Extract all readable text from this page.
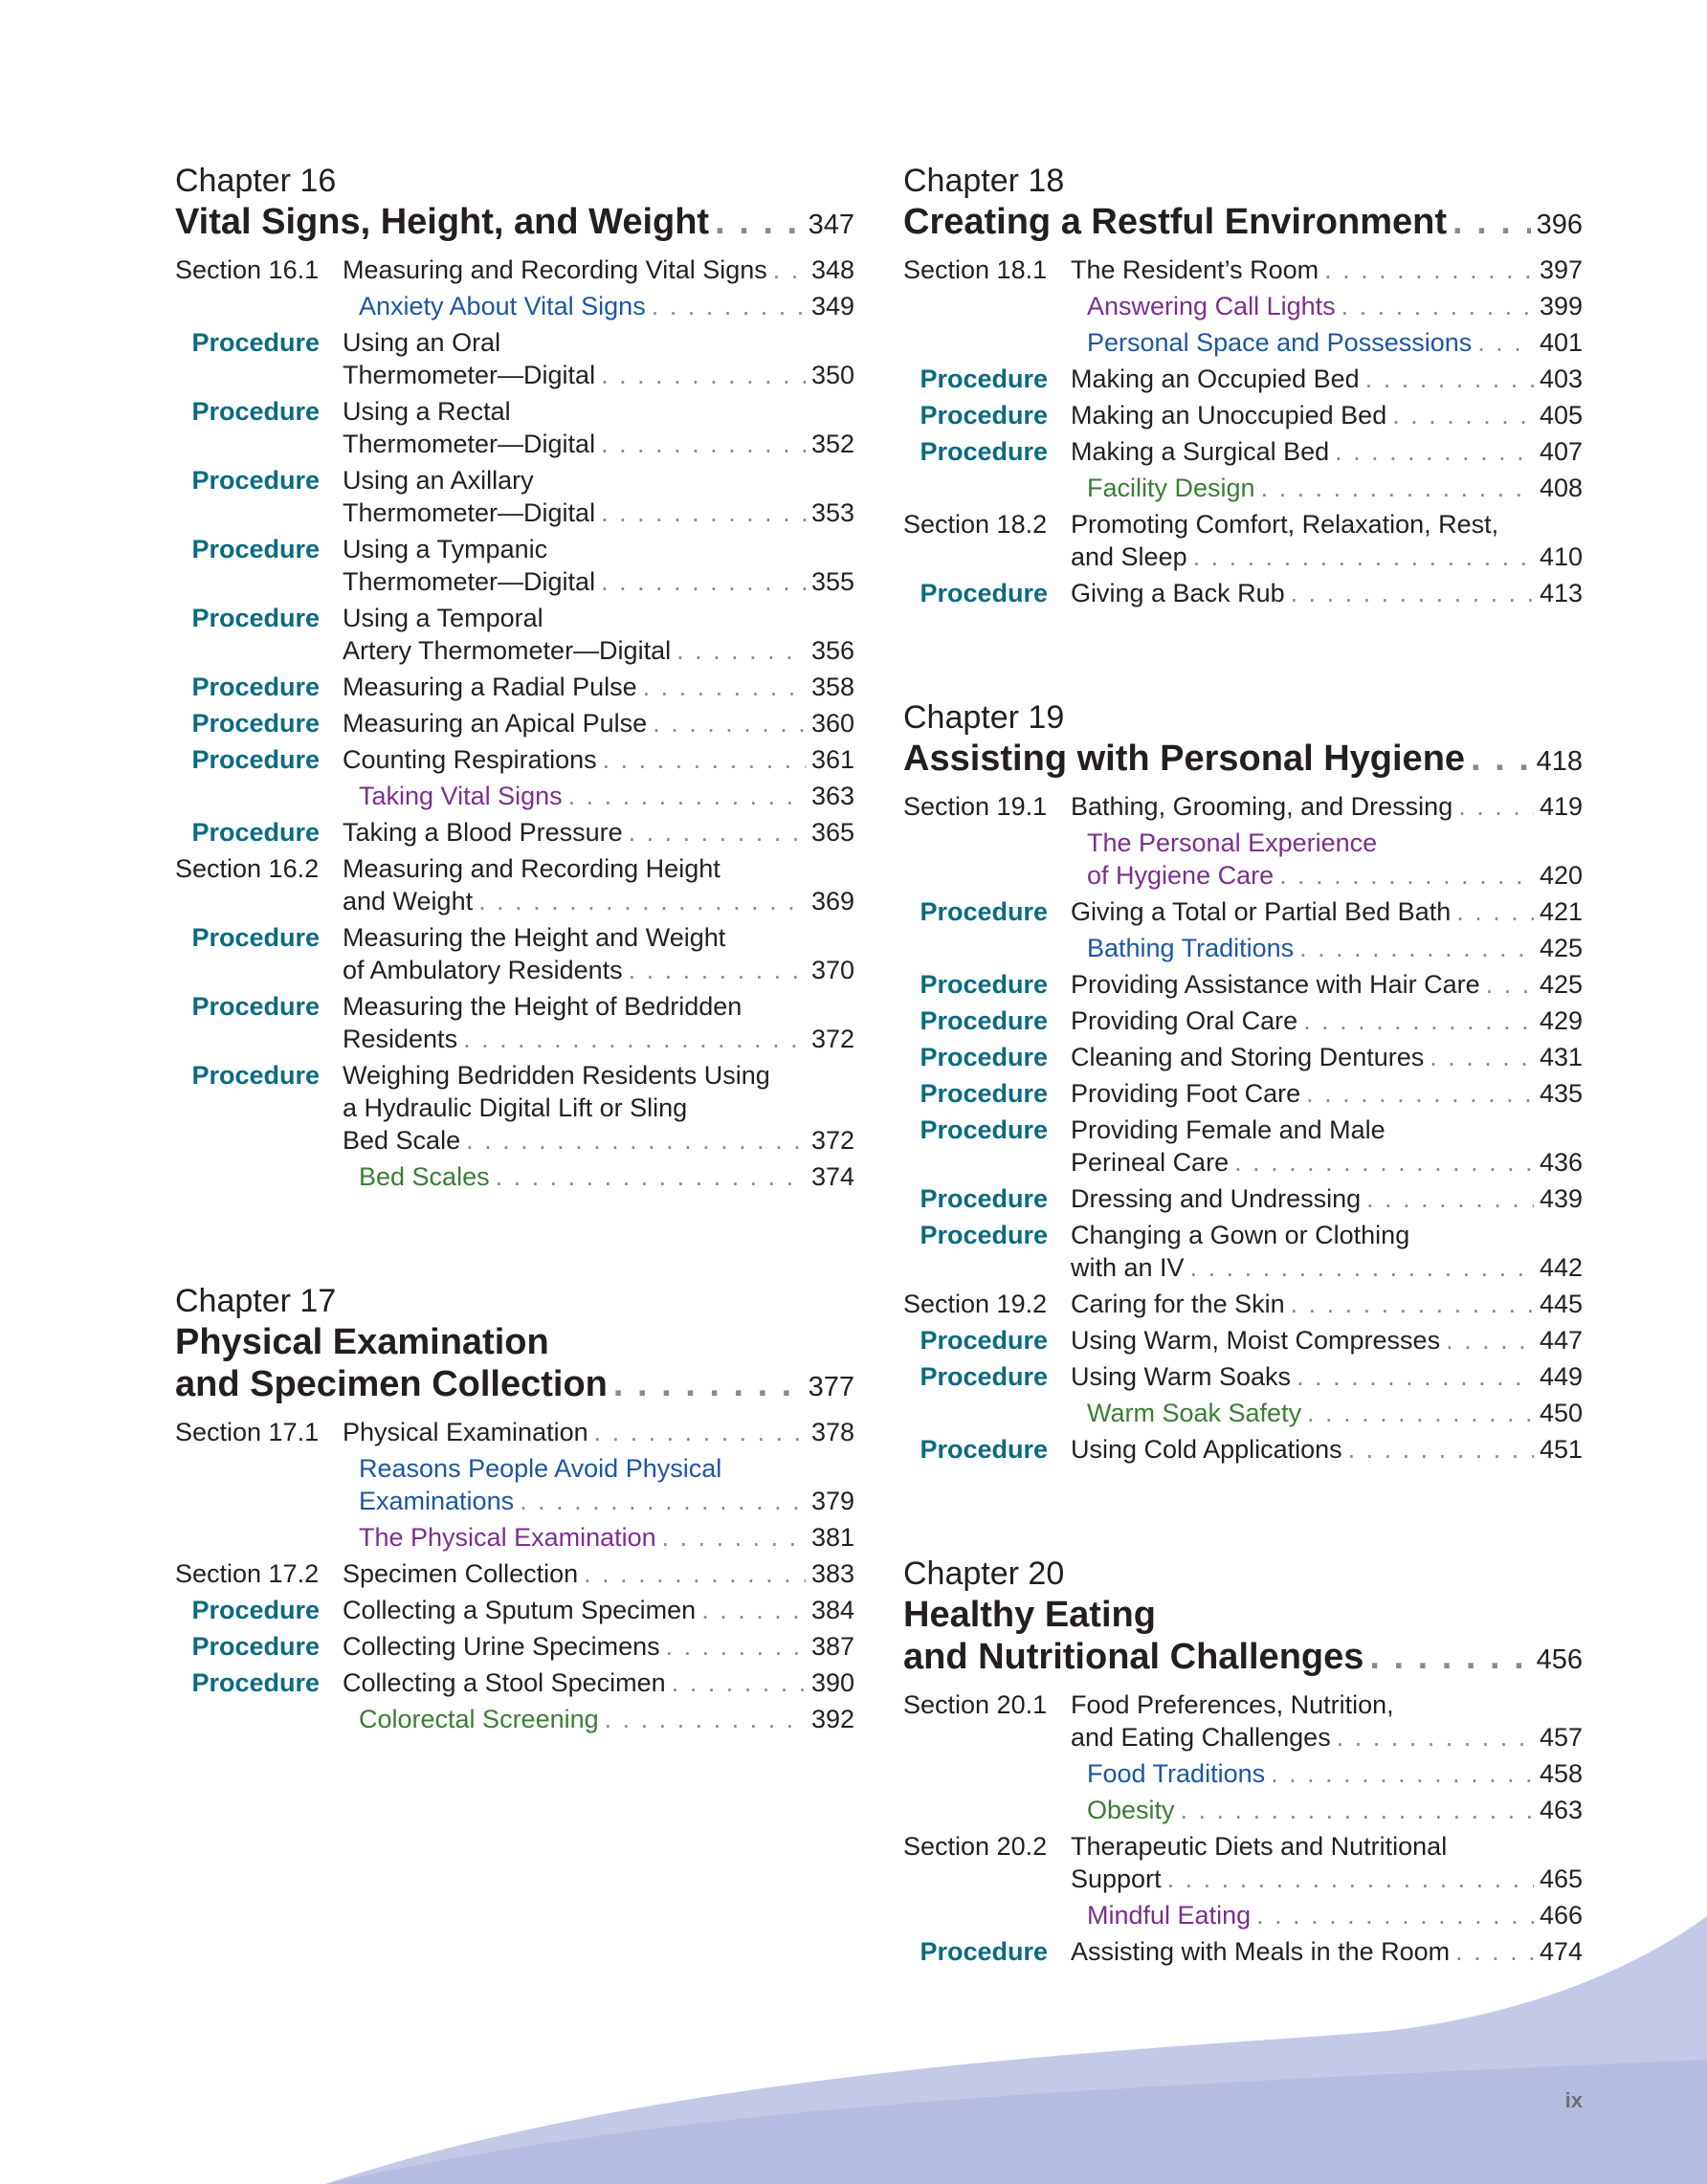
Chapter 16
Vital Signs, Height, and Weight . . .	347
Section 16.1 Measuring and Recording Vital Signs . . . 348
Anxiety About Vital Signs . . .	349
Procedure Using an Oral
Thermometer—Digital . . .	350
Procedure Using a Rectal
Thermometer—Digital . . .	352
Procedure Using an Axillary
Thermometer—Digital . . .	353
Procedure Using a Tympanic
Thermometer—Digital . . .	355
Procedure Using a Temporal
Artery Thermometer—Digital . . .	356
Procedure Measuring a Radial Pulse . . .	358
Procedure Measuring an Apical Pulse . . .	360
Procedure Counting Respirations . . .	361
Taking Vital Signs . . .	363
Procedure Taking a Blood Pressure . . .	365
Section 16.2 Measuring and Recording Height
and Weight . . .	369
Procedure Measuring the Height and Weight
of Ambulatory Residents . . .	370
Procedure Measuring the Height of Bedridden
Residents . . .	372
Procedure Weighing Bedridden Residents Using
a Hydraulic Digital Lift or Sling
Bed Scale . . .	372
Bed Scales . . .	374
Chapter 17
Physical Examination
and Specimen Collection . . .	377
Section 17.1 Physical Examination . . .	378
Reasons People Avoid Physical
Examinations . . .	379
The Physical Examination . . .	381
Section 17.2 Specimen Collection . . .	383
Procedure Collecting a Sputum Specimen . . .	384
Procedure Collecting Urine Specimens . . .	387
Procedure Collecting a Stool Specimen . . .	390
Colorectal Screening . . .	392
Chapter 18
Creating a Restful Environment . . .	396
Section 18.1 The Resident’s Room . . .	397
Answering Call Lights . . .	399
Personal Space and Possessions . . .	401
Procedure Making an Occupied Bed . . .	403
Procedure Making an Unoccupied Bed . . .	405
Procedure Making a Surgical Bed . . .	407
Facility Design . . .	408
Section 18.2 Promoting Comfort, Relaxation, Rest,
and Sleep . . .	410
Procedure Giving a Back Rub . . .	413
Chapter 19
Assisting with Personal Hygiene . . .	418
Section 19.1 Bathing, Grooming, and Dressing . . .	419
The Personal Experience
of Hygiene Care . . .	420
Procedure Giving a Total or Partial Bed Bath . . .	421
Bathing Traditions . . .	425
Procedure Providing Assistance with Hair Care . . . 425
Procedure Providing Oral Care . . .	429
Procedure Cleaning and Storing Dentures . . .	431
Procedure Providing Foot Care . . .	435
Procedure Providing Female and Male
Perineal Care . . .	436
Procedure Dressing and Undressing . . .	439
Procedure Changing a Gown or Clothing
with an IV . . .	442
Section 19.2 Caring for the Skin . . .	445
Procedure Using Warm, Moist Compresses . . .	447
Procedure Using Warm Soaks . . .	449
Warm Soak Safety . . .	450
Procedure Using Cold Applications . . .	451
Chapter 20
Healthy Eating
and Nutritional Challenges . . .	456
Section 20.1 Food Preferences, Nutrition,
and Eating Challenges . . .	457
Food Traditions . . .	458
Obesity . . .	463
Section 20.2 Therapeutic Diets and Nutritional
Support . . .	465
Mindful Eating . . .	466
Procedure Assisting with Meals in the Room . . .	474
ix
